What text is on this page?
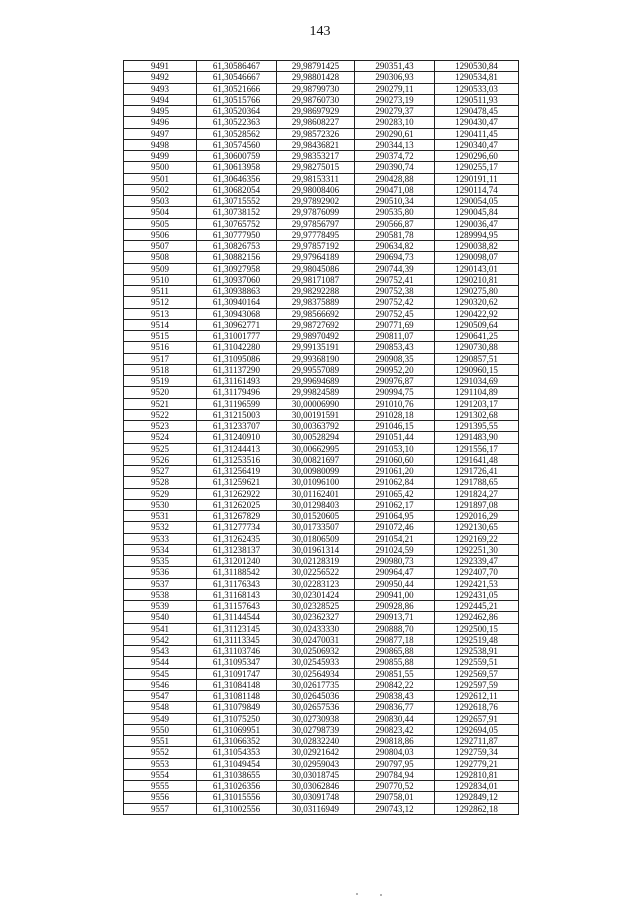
143
9491	61,30586467	29,98791425	290351,43	1290530,84
9492	61,30546667	29,98801428	290306,93	1290534,81
9493	61,30521666	29,98799730	290279,11	1290533,03
9494	61,30515766	29,98760730	290273,19	1290511,93
9495	61,30520364	29,98697929	290279,37	1290478,45
9496	61,30522363	29,98608227	290283,10	1290430,47
9497	61,30528562	29,98572326	290290,61	1290411,45
9498	61,30574560	29,98436821	290344,13	1290340,47
9499	61,30600759	29,98353217	290374,72	1290296,60
9500	61,30613958	29,98275015	290390,74	1290255,17
9501	61,30646356	29,98153311	290428,88	1290191,11
9502	61,30682054	29,98008406	290471,08	1290114,74
9503	61,30715552	29,97892902	290510,34	1290054,05
9504	61,30738152	29,97876099	290535,80	1290045,84
9505	61,30765752	29,97856797	290566,87	1290036,47
9506	61,30777950	29,97778495	290581,78	1289994,95
9507	61,30826753	29,97857192	290634,82	1290038,82
9508	61,30882156	29,97964189	290694,73	1290098,07
9509	61,30927958	29,98045086	290744,39	1290143,01
9510	61,30937060	29,98171087	290752,41	1290210,81
9511	61,30938863	29,98292288	290752,38	1290275,80
9512	61,30940164	29,98375889	290752,42	1290320,62
9513	61,30943068	29,98566692	290752,45	1290422,92
9514	61,30962771	29,98727692	290771,69	1290509,64
9515	61,31001777	29,98970492	290811,07	1290641,25
9516	61,31042280	29,99135191	290853,43	1290730,88
9517	61,31095086	29,99368190	290908,35	1290857,51
9518	61,31137290	29,99557089	290952,20	1290960,15
9519	61,31161493	29,99694689	290976,87	1291034,69
9520	61,31179496	29,99824589	290994,75	1291104,89
9521	61,31196599	30,00006990	291010,76	1291203,17
9522	61,31215003	30,00191591	291028,18	1291302,68
9523	61,31233707	30,00363792	291046,15	1291395,55
9524	61,31240910	30,00528294	291051,44	1291483,90
9525	61,31244413	30,00662995	291053,10	1291556,17
9526	61,31253516	30,00821697	291060,60	1291641,48
9527	61,31256419	30,00980099	291061,20	1291726,41
9528	61,31259621	30,01096100	291062,84	1291788,65
9529	61,31262922	30,01162401	291065,42	1291824,27
9530	61,31262025	30,01298403	291062,17	1291897,08
9531	61,31267829	30,01520605	291064,95	1292016,29
9532	61,31277734	30,01733507	291072,46	1292130,65
9533	61,31262435	30,01806509	291054,21	1292169,22
9534	61,31238137	30,01961314	291024,59	1292251,30
9535	61,31201240	30,02128319	290980,73	1292339,47
9536	61,31188542	30,02256522	290964,47	1292407,70
9537	61,31176343	30,02283123	290950,44	1292421,53
9538	61,31168143	30,02301424	290941,00	1292431,05
9539	61,31157643	30,02328525	290928,86	1292445,21
9540	61,31144544	30,02362327	290913,71	1292462,86
9541	61,31123145	30,02433330	290888,70	1292500,15
9542	61,31113345	30,02470031	290877,18	1292519,48
9543	61,31103746	30,02506932	290865,88	1292538,91
9544	61,31095347	30,02545933	290855,88	1292559,51
9545	61,31091747	30,02564934	290851,55	1292569,57
9546	61,31084148	30,02617735	290842,22	1292597,59
9547	61,31081148	30,02645036	290838,43	1292612,11
9548	61,31079849	30,02657536	290836,77	1292618,76
9549	61,31075250	30,02730938	290830,44	1292657,91
9550	61,31069951	30,02798739	290823,42	1292694,05
9551	61,31066352	30,02832240	290818,86	1292711,87
9552	61,31054353	30,02921642	290804,03	1292759,34
9553	61,31049454	30,02959043	290797,95	1292779,21
9554	61,31038655	30,03018745	290784,94	1292810,81
9555	61,31026356	30,03062846	290770,52	1292834,01
9556	61,31015556	30,03091748	290758,01	1292849,12
9557	61,31002556	30,03116949	290743,12	1292862,18
